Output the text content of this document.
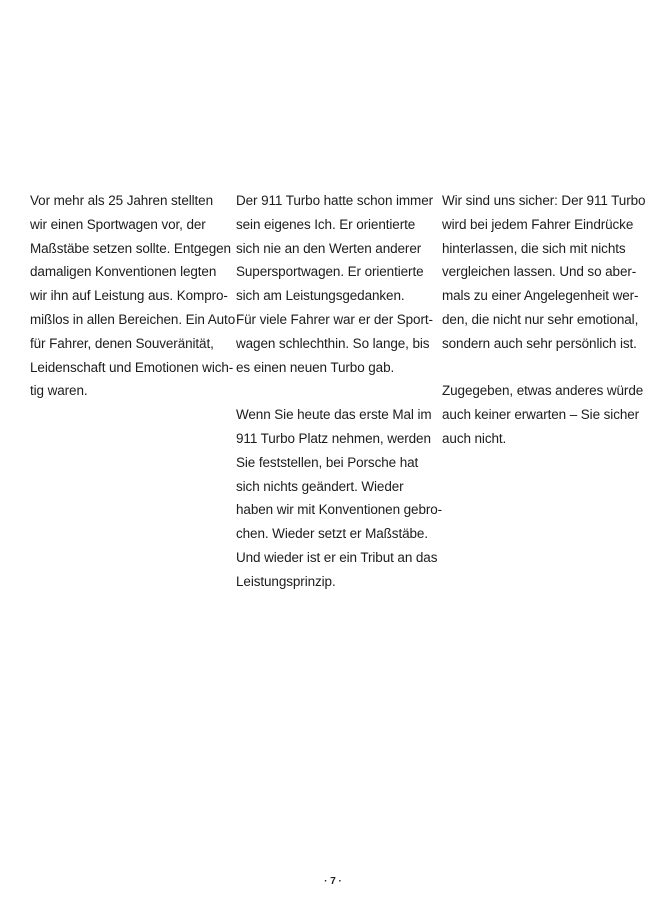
Vor mehr als 25 Jahren stellten
wir einen Sportwagen vor, der
Maßstäbe setzen sollte. Entgegen
damaligen Konventionen legten
wir ihn auf Leistung aus. Kompro-
mißlos in allen Bereichen. Ein Auto
für Fahrer, denen Souveränität,
Leidenschaft und Emotionen wich-
tig waren.
Der 911 Turbo hatte schon immer
sein eigenes Ich. Er orientierte
sich nie an den Werten anderer
Supersportwagen. Er orientierte
sich am Leistungsgedanken.
Für viele Fahrer war er der Sport-
wagen schlechthin. So lange, bis
es einen neuen Turbo gab.
Wenn Sie heute das erste Mal im
911 Turbo Platz nehmen, werden
Sie feststellen, bei Porsche hat
sich nichts geändert. Wieder
haben wir mit Konventionen gebro-
chen. Wieder setzt er Maßstäbe.
Und wieder ist er ein Tribut an das
Leistungsprinzip.
Wir sind uns sicher: Der 911 Turbo
wird bei jedem Fahrer Eindrücke
hinterlassen, die sich mit nichts
vergleichen lassen. Und so aber-
mals zu einer Angelegenheit wer-
den, die nicht nur sehr emotional,
sondern auch sehr persönlich ist.
Zugegeben, etwas anderes würde
auch keiner erwarten – Sie sicher
auch nicht.
· 7 ·
